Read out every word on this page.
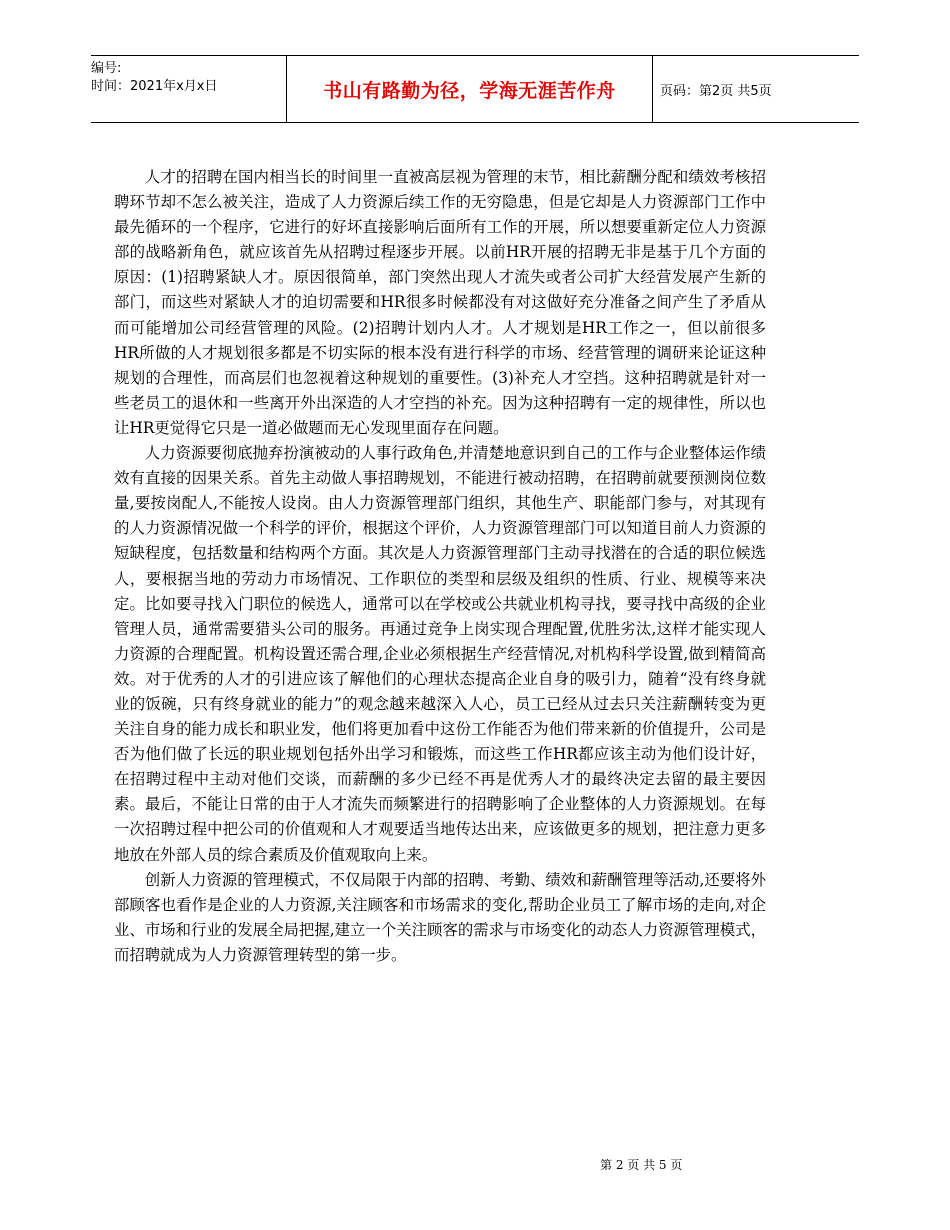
编号:
时间：2021年x月x日	书山有路勤为径，学海无涯苦作舟	页码：第2页 共5页

人才的招聘在国内相当长的时间里一直被高层视为管理的末节，相比薪酬分配和绩效考核招聘环节却不怎么被关注，造成了人力资源后续工作的无穷隐患，但是它却是人力资源部门工作中最先循环的一个程序，它进行的好坏直接影响后面所有工作的开展，所以想要重新定位人力资源部的战略新角色，就应该首先从招聘过程逐步开展。以前HR开展的招聘无非是基于几个方面的原因：(1)招聘紧缺人才。原因很简单，部门突然出现人才流失或者公司扩大经营发展产生新的部门，而这些对紧缺人才的迫切需要和HR很多时候都没有对这做好充分准备之间产生了矛盾从而可能增加公司经营管理的风险。(2)招聘计划内人才。人才规划是HR工作之一，但以前很多HR所做的人才规划很多都是不切实际的根本没有进行科学的市场、经营管理的调研来论证这种规划的合理性，而高层们也忽视着这种规划的重要性。(3)补充人才空挡。这种招聘就是针对一些老员工的退休和一些离开外出深造的人才空挡的补充。因为这种招聘有一定的规律性，所以也让HR更觉得它只是一道必做题而无心发现里面存在问题。

人力资源要彻底抛弃扮演被动的人事行政角色,并清楚地意识到自己的工作与企业整体运作绩效有直接的因果关系。首先主动做人事招聘规划，不能进行被动招聘，在招聘前就要预测岗位数量,要按岗配人,不能按人设岗。由人力资源管理部门组织，其他生产、职能部门参与，对其现有的人力资源情况做一个科学的评价，根据这个评价，人力资源管理部门可以知道目前人力资源的短缺程度，包括数量和结构两个方面。其次是人力资源管理部门主动寻找潜在的合适的职位候选人，要根据当地的劳动力市场情况、工作职位的类型和层级及组织的性质、行业、规模等来决定。比如要寻找入门职位的候选人，通常可以在学校或公共就业机构寻找，要寻找中高级的企业管理人员，通常需要猎头公司的服务。再通过竞争上岗实现合理配置,优胜劣汰,这样才能实现人力资源的合理配置。机构设置还需合理,企业必须根据生产经营情况,对机构科学设置,做到精简高效。对于优秀的人才的引进应该了解他们的心理状态提高企业自身的吸引力，随着“没有终身就业的饭碗，只有终身就业的能力”的观念越来越深入人心，员工已经从过去只关注薪酬转变为更关注自身的能力成长和职业发，他们将更加看中这份工作能否为他们带来新的价值提升，公司是否为他们做了长远的职业规划包括外出学习和锻炼，而这些工作HR都应该主动为他们设计好，在招聘过程中主动对他们交谈，而薪酬的多少已经不再是优秀人才的最终决定去留的最主要因素。最后，不能让日常的由于人才流失而频繁进行的招聘影响了企业整体的人力资源规划。在每一次招聘过程中把公司的价值观和人才观要适当地传达出来，应该做更多的规划，把注意力更多地放在外部人员的综合素质及价值观取向上来。

创新人力资源的管理模式，不仅局限于内部的招聘、考勤、绩效和薪酬管理等活动,还要将外部顾客也看作是企业的人力资源,关注顾客和市场需求的变化,帮助企业员工了解市场的走向,对企业、市场和行业的发展全局把握,建立一个关注顾客的需求与市场变化的动态人力资源管理模式，而招聘就成为人力资源管理转型的第一步。

第 2 页 共 5 页
